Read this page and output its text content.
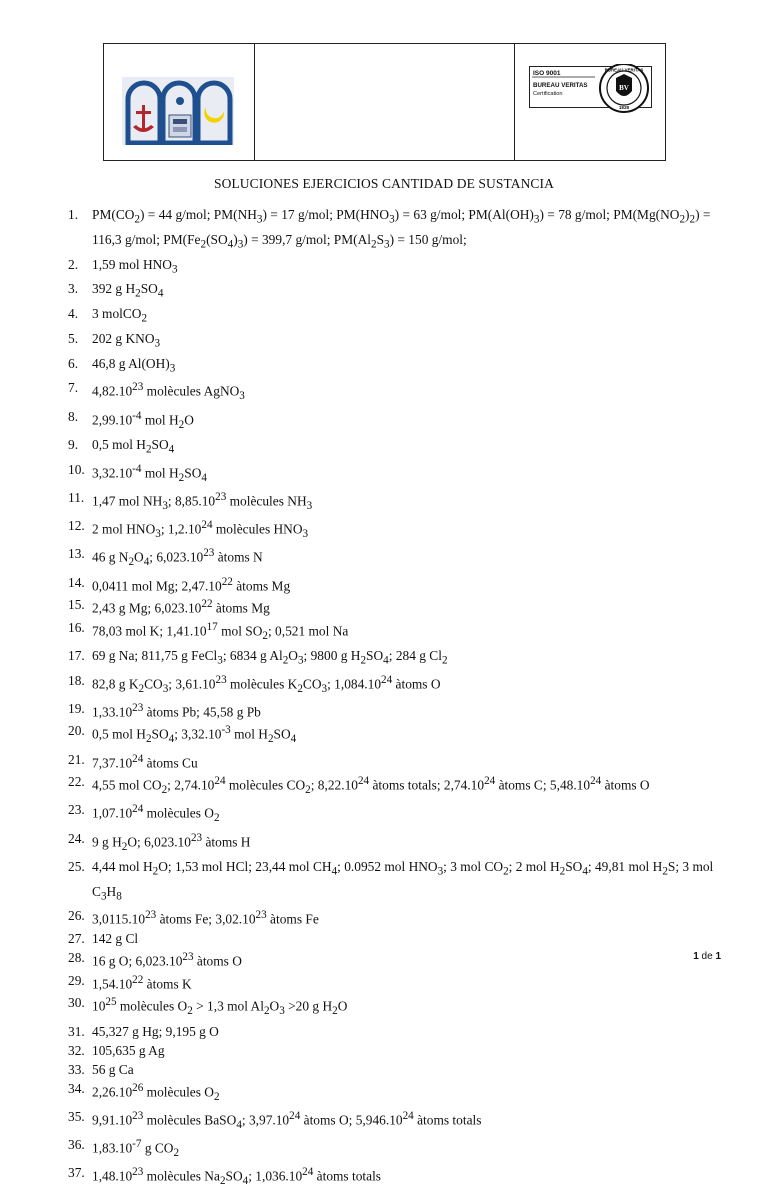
ISO 9001
BUREAU VERITAS
Certification
BV
BUREAU VERITAS
1828
SOLUCIONES EJERCICIOS CANTIDAD DE SUSTANCIA
1.	$PM(CO_2) = 44$ g/mol; $PM(NH_3) = 17$ g/mol; $PM(HNO_3) = 63$ g/mol; $PM(Al(OH)_3) = 78$ g/mol; $PM(Mg(NO_2)_2) = 116,3$ g/mol; $PM(Fe_2(SO_4)_3) = 399,7$ g/mol; $PM(Al_2S_3) = 150$ g/mol;
2.	1,59 mol $HNO_3$
3.	392 g $H_2SO_4$
4.	3 molCO$_2$
5.	202 g $KNO_3$
6.	46,8 g $Al(OH)_3$
7.	4,82.10$^{23}$ molècules AgNO$_3$
8.	$2,99.10^{-4}$ mol $H_2O$
9.	0,5 mol $H_2SO_4$
10. $3,32.10^{-4}$ mol $H_2SO_4$
11. 1,47 mol $NH_3$; 8,85.10$^{23}$ molècules $NH_3$
12. 2 mol $HNO_3$; 1,2.10$^{24}$ molècules $HNO_3$
13. 46 g $N_2O_4$; 6,023.10$^{23}$ àtoms N
14. 0,0411 mol Mg; 2,47.10$^{22}$ àtoms Mg
15. 2,43 g Mg; 6,023.10$^{22}$ àtoms Mg
16. 78,03 mol K; 1,41.10$^{17}$ mol $SO_2$; 0,521 mol Na
17. 69 g Na; 811,75 g FeCl$_3$; 6834 g $Al_2O_3$; 9800 g $H_2SO_4$; 284 g $Cl_2$
18. 82,8 g $K_2CO_3$; 3,61.10$^{23}$ molècules $K_2CO_3$; 1,084.10$^{24}$ àtoms O
19. 1,33.10$^{23}$ àtoms Pb; 45,58 g Pb
20. 0,5 mol $H_2SO_4$; $3,32.10^{-3}$ mol $H_2SO_4$
21. 7,37.10$^{24}$ àtoms Cu
22. 4,55 mol $CO_2$; 2,74.10$^{24}$ molècules $CO_2$; 8,22.10$^{24}$ àtoms totals; 2,74.10$^{24}$ àtoms C; 5,48.10$^{24}$ àtoms O
23. 1,07.10$^{24}$ molècules $O_2$
24. 9 g $H_2O$; 6,023.10$^{23}$ àtoms H
25. 4,44 mol $H_2O$; 1,53 mol HCl; 23,44 mol $CH_4$; 0.0952 mol $HNO_3$; 3 mol $CO_2$; 2 mol $H_2SO_4$; 49,81 mol $H_2S$; 3 mol $C_3H_8$
26. 3,0115.10$^{23}$ àtoms Fe; 3,02.10$^{23}$ àtoms Fe
27. 142 g Cl
28. 16 g O; 6,023.10$^{23}$ àtoms O
29. 1,54.10$^{22}$ àtoms K
30. $10^{25}$ molècules $O_2 > 1,3$ mol $Al_2O_3 >20$ g $H_2O$
31. 45,327 g Hg; 9,195 g O
32. 105,635 g Ag
33. 56 g Ca
34. 2,26.10$^{26}$ molècules $O_2$
35. 9,91.10$^{23}$ molècules BaSO$_4$; 3,97.10$^{24}$ àtoms O; 5,946.10$^{24}$ àtoms totals
36. $1,83.10^{-7}$ g $CO_2$
37. 1,48.10$^{23}$ molècules $Na_2SO_4$; 1,036.10$^{24}$ àtoms totals
1 de 1
